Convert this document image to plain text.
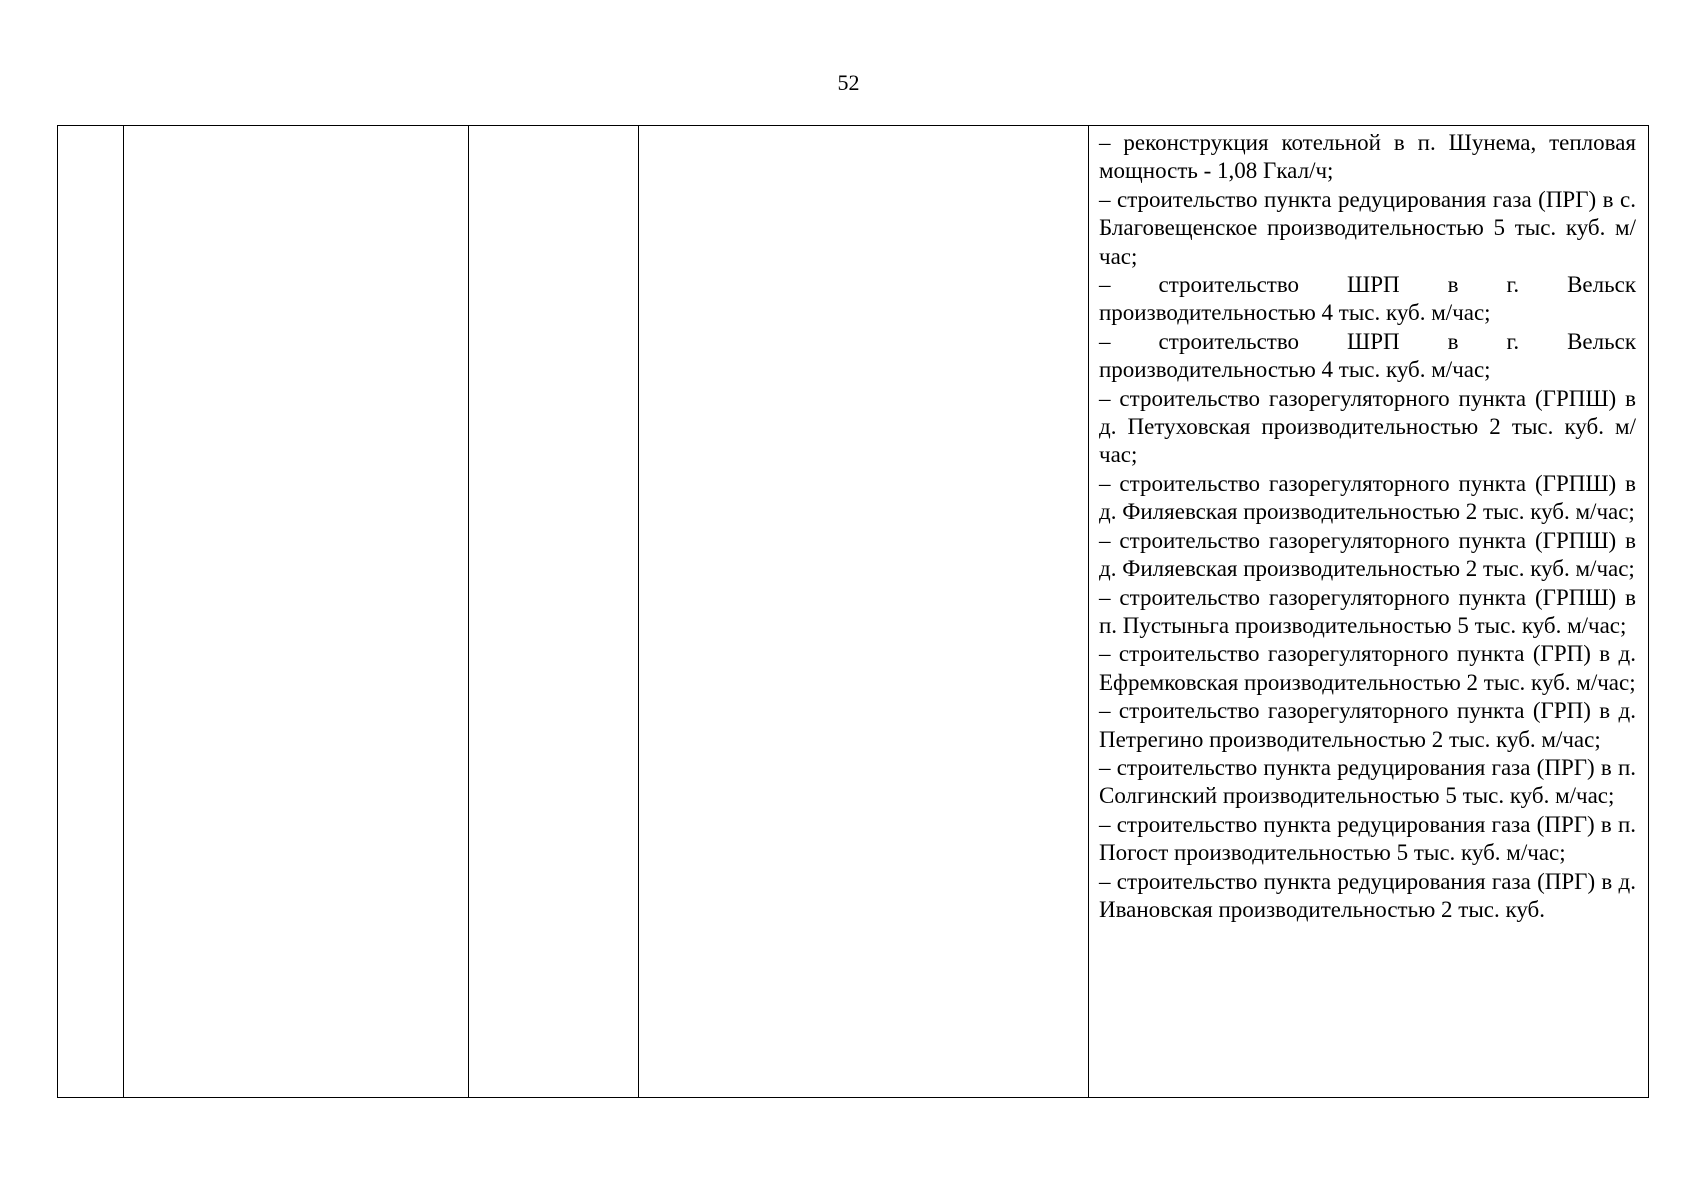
52

– реконструкция котельной в п. Шунема, тепловая мощность - 1,08 Гкал/ч;

– строительство пункта редуцирования газа (ПРГ) в с. Благовещенское производительностью 5 тыс. куб. м/час;

– строительство ШРП в г. Вельск производительностью 4 тыс. куб. м/час;

– строительство ШРП в г. Вельск производительностью 4 тыс. куб. м/час;

– строительство газорегуляторного пункта (ГРПШ) в д. Петуховская производительностью 2 тыс. куб. м/час;

– строительство газорегуляторного пункта (ГРПШ) в д. Филяевская производительностью 2 тыс. куб. м/час;

– строительство газорегуляторного пункта (ГРПШ) в д. Филяевская производительностью 2 тыс. куб. м/час;

– строительство газорегуляторного пункта (ГРПШ) в п. Пустыньга производительностью 5 тыс. куб. м/час;

– строительство газорегуляторного пункта (ГРП) в д. Ефремковская производительностью 2 тыс. куб. м/час;

– строительство газорегуляторного пункта (ГРП) в д. Петрегино производительностью 2 тыс. куб. м/час;

– строительство пункта редуцирования газа (ПРГ) в п. Солгинский производительностью 5 тыс. куб. м/час;

– строительство пункта редуцирования газа (ПРГ) в п. Погост производительностью 5 тыс. куб. м/час;

– строительство пункта редуцирования газа (ПРГ) в д. Ивановская производительностью 2 тыс. куб.
